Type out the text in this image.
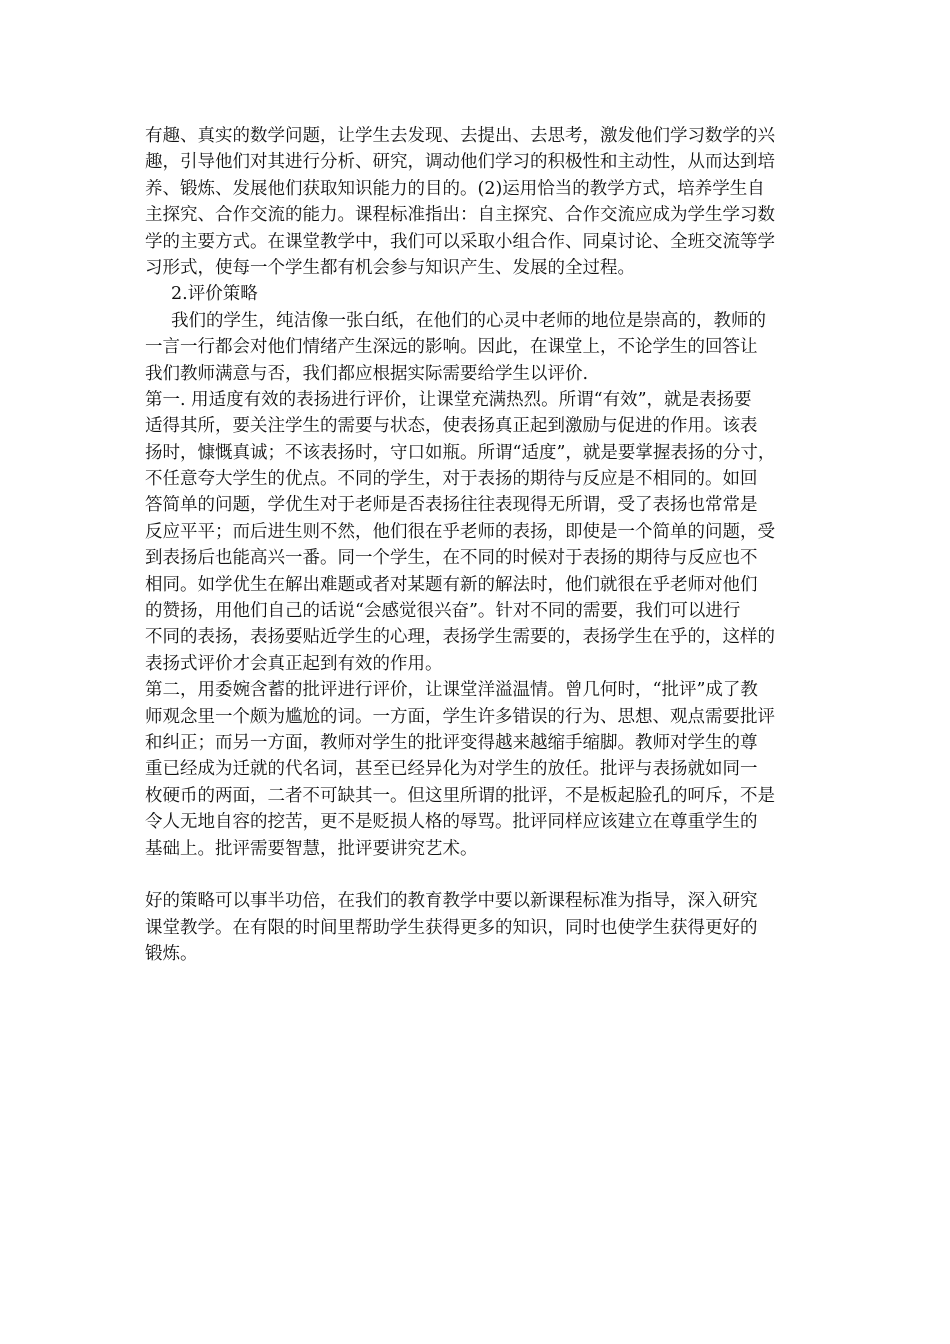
有趣、真实的数学问题，让学生去发现、去提出、去思考，激发他们学习数学的兴
趣，引导他们对其进行分析、研究，调动他们学习的积极性和主动性，从而达到培
养、锻炼、发展他们获取知识能力的目的。(2)运用恰当的教学方式，培养学生自
主探究、合作交流的能力。课程标准指出：自主探究、合作交流应成为学生学习数
学的主要方式。在课堂教学中，我们可以采取小组合作、同桌讨论、全班交流等学
习形式，使每一个学生都有机会参与知识产生、发展的全过程。
2.评价策略
我们的学生，纯洁像一张白纸，在他们的心灵中老师的地位是崇高的，教师的
一言一行都会对他们情绪产生深远的影响。因此，在课堂上，不论学生的回答让
我们教师满意与否，我们都应根据实际需要给学生以评价.
第一. 用适度有效的表扬进行评价，让课堂充满热烈。所谓“有效”，就是表扬要
适得其所，要关注学生的需要与状态，使表扬真正起到激励与促进的作用。该表
扬时，慷慨真诚；不该表扬时，守口如瓶。所谓“适度”，就是要掌握表扬的分寸，
不任意夸大学生的优点。不同的学生，对于表扬的期待与反应是不相同的。如回
答简单的问题，学优生对于老师是否表扬往往表现得无所谓，受了表扬也常常是
反应平平；而后进生则不然，他们很在乎老师的表扬，即使是一个简单的问题，受
到表扬后也能高兴一番。同一个学生，在不同的时候对于表扬的期待与反应也不
相同。如学优生在解出难题或者对某题有新的解法时，他们就很在乎老师对他们
的赞扬，用他们自己的话说“会感觉很兴奋”。针对不同的需要，我们可以进行
不同的表扬，表扬要贴近学生的心理，表扬学生需要的，表扬学生在乎的，这样的
表扬式评价才会真正起到有效的作用。
第二，用委婉含蓄的批评进行评价，让课堂洋溢温情。曾几何时，“批评”成了教
师观念里一个颇为尴尬的词。一方面，学生许多错误的行为、思想、观点需要批评
和纠正；而另一方面，教师对学生的批评变得越来越缩手缩脚。教师对学生的尊
重已经成为迁就的代名词，甚至已经异化为对学生的放任。批评与表扬就如同一
枚硬币的两面，二者不可缺其一。但这里所谓的批评，不是板起脸孔的呵斥，不是
令人无地自容的挖苦，更不是贬损人格的辱骂。批评同样应该建立在尊重学生的
基础上。批评需要智慧，批评要讲究艺术。
好的策略可以事半功倍，在我们的教育教学中要以新课程标准为指导，深入研究
课堂教学。在有限的时间里帮助学生获得更多的知识，同时也使学生获得更好的
锻炼。
